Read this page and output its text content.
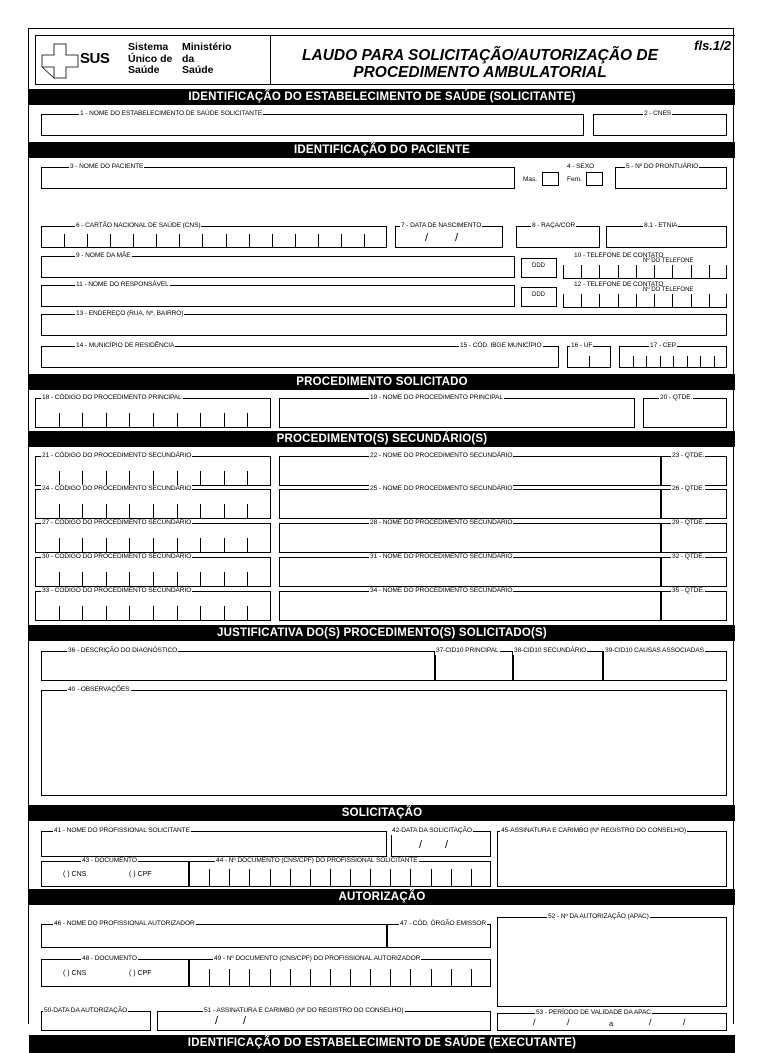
LAUDO PARA SOLICITAÇÃO/AUTORIZAÇÃO DE
PROCEDIMENTO AMBULATORIAL
fls.1/2
SUS
Sistema
Único de
Saúde
Ministério
da
Saúde
IDENTIFICAÇÃO DO ESTABELECIMENTO DE SAÚDE (SOLICITANTE)
1 - NOME DO ESTABELECIMENTO DE SAÚDE SOLICITANTE	2 - CNES
IDENTIFICAÇÃO DO PACIENTE
3 - NOME DO PACIENTE	4 - SEXO
Mas.	Fem.
5 - Nº DO PRONTUÁRIO
6 - CARTÃO NACIONAL DE SAÚDE (CNS)	7 - DATA DE NASCIMENTO
/ /
8 - RAÇA/COR	8.1 - ETNIA
9 - NOME DA MÃE	10 - TELEFONE DE CONTATO
DDD
Nº DO TELEFONE
11 - NOME DO RESPONSÁVEL	12 - TELEFONE DE CONTATO
DDD
Nº DO TELEFONE
13 - ENDEREÇO (RUA, Nº, BAIRRO)
14 - MUNICÍPIO DE RESIDÊNCIA	15 - CÓD. IBGE MUNICÍPIO	16 - UF	17 - CEP
PROCEDIMENTO SOLICITADO
18 - CÓDIGO DO PROCEDIMENTO PRINCIPAL	19 - NOME DO PROCEDIMENTO PRINCIPAL	20 - QTDE.
PROCEDIMENTO(S) SECUNDÁRIO(S)
21 - CÓDIGO DO PROCEDIMENTO SECUNDÁRIO	22 - NOME DO PROCEDIMENTO SECUNDÁRIO	23 - QTDE.
24 - CÓDIGO DO PROCEDIMENTO SECUNDÁRIO	25 - NOME DO PROCEDIMENTO SECUNDÁRIO	26 - QTDE.
27 - CÓDIGO DO PROCEDIMENTO SECUNDÁRIO	28 - NOME DO PROCEDIMENTO SECUNDÁRIO	29 - QTDE.
30 - CÓDIGO DO PROCEDIMENTO SECUNDÁRIO	31 - NOME DO PROCEDIMENTO SECUNDÁRIO	32 - QTDE.
33 - CÓDIGO DO PROCEDIMENTO SECUNDÁRIO	34 - NOME DO PROCEDIMENTO SECUNDÁRIO	35 - QTDE.
JUSTIFICATIVA DO(S) PROCEDIMENTO(S) SOLICITADO(S)
36 - DESCRIÇÃO DO DIAGNÓSTICO	37-CID10 PRINCIPAL 38-CID10 SECUNDÁRIO	39-CID10 CAUSAS ASSOCIADAS
40 - OBSERVAÇÕES
SOLICITAÇÃO
41 - NOME DO PROFISSIONAL SOLICITANTE	42-DATA DA SOLICITAÇÃO
/ /
45-ASSINATURA E CARIMBO (Nº REGISTRO DO CONSELHO)
43 - DOCUMENTO
( ) CNS	( ) CPF
44 - Nº DOCUMENTO (CNS/CPF) DO PROFISSIONAL SOLICITANTE
AUTORIZAÇÃO
46 - NOME DO PROFISSIONAL AUTORIZADOR	47 - CÓD. ÓRGÃO EMISSOR
52 - Nº DA AUTORIZAÇÃO (APAC)
48 - DOCUMENTO
( ) CNS	( ) CPF
49 - Nº DOCUMENTO (CNS/CPF) DO PROFISSIONAL AUTORIZADOR
50-DATA DA AUTORIZAÇÃO
/ /
51 - ASSINATURA E CARIMBO (Nº DO REGISTRO DO CONSELHO)	53 - PERÍODO DE VALIDADE DA APAC
/	/	a	/	/
IDENTIFICAÇÃO DO ESTABELECIMENTO DE SAÚDE (EXECUTANTE)
